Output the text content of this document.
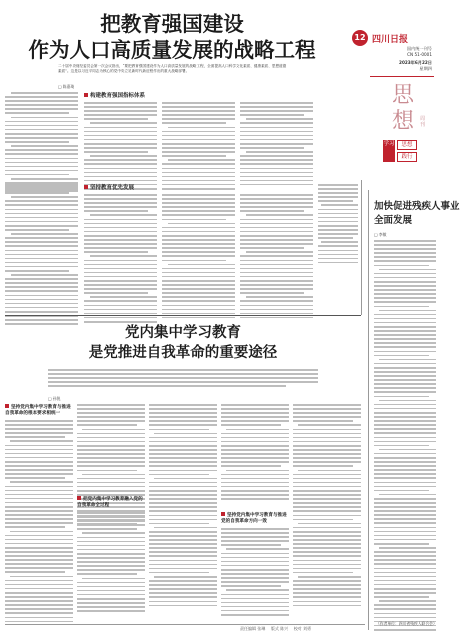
把教育强国建设
作为人口高质量发展的战略工程
二十届中央财经委员会第一次会议指出，“要把教育强国建设作为人口高质量发展的战略工程，全面提高人口科学文化素质、健康素质、思想道德素质”。这是以习近平同志为核心的党中央立足新时代新征程作出的重大战略部署。
□ 陈嘉琦
构建教育强国指标体系
坚持教育优先发展
12 四川日报
国内统一刊号
CN 51-0001
2023年6月22日
星期四
思
想 周刊
学习	思想
践行
加快促进残疾人事业
全面发展
□ 李敏
（作者单位：四川省残疾人联合会）
党内集中学习教育
是党推进自我革命的重要途径
□ 孙锐
坚持党内集中学习教育与推进自我革命的根本要求相统一
把党内集中学习教育融入党的自我革命全过程
坚持党内集中学习教育与推进党的自我革命方向一致
责任编辑 张琳 版式 陈兴 校对 刘勇
